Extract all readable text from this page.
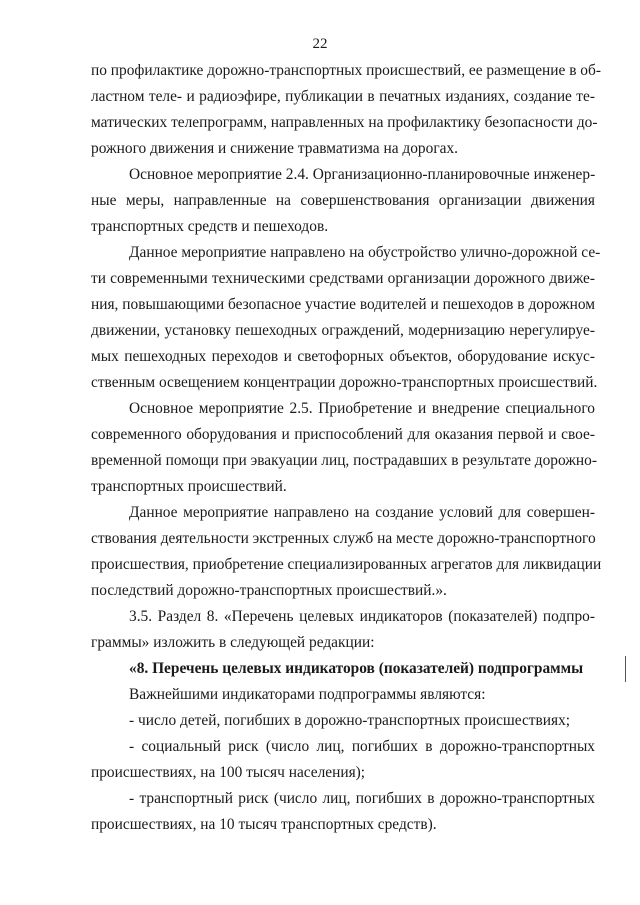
22
по профилактике дорожно-транспортных происшествий, ее размещение в об-
ластном теле- и радиоэфире, публикации в печатных изданиях, создание те-
матических телепрограмм, направленных на профилактику безопасности до-
рожного движения и снижение травматизма на дорогах.
Основное мероприятие 2.4. Организационно-планировочные инженер-
ные меры, направленные на совершенствования организации движения
транспортных средств и пешеходов.
Данное мероприятие направлено на обустройство улично-дорожной се-
ти современными техническими средствами организации дорожного движе-
ния, повышающими безопасное участие водителей и пешеходов в дорожном
движении, установку пешеходных ограждений, модернизацию нерегулируе-
мых пешеходных переходов и светофорных объектов, оборудование искус-
ственным освещением концентрации дорожно-транспортных происшествий.
Основное мероприятие 2.5. Приобретение и внедрение специального
современного оборудования и приспособлений для оказания первой и свое-
временной помощи при эвакуации лиц, пострадавших в результате дорожно-
транспортных происшествий.
Данное мероприятие направлено на создание условий для совершен-
ствования деятельности экстренных служб на месте дорожно-транспортного
происшествия, приобретение специализированных агрегатов для ликвидации
последствий дорожно-транспортных происшествий.».
3.5. Раздел 8. «Перечень целевых индикаторов (показателей) подпро-
граммы» изложить в следующей редакции:
«8. Перечень целевых индикаторов (показателей) подпрограммы
Важнейшими индикаторами подпрограммы являются:
- число детей, погибших в дорожно-транспортных происшествиях;
- социальный риск (число лиц, погибших в дорожно-транспортных
происшествиях, на 100 тысяч населения);
- транспортный риск (число лиц, погибших в дорожно-транспортных
происшествиях, на 10 тысяч транспортных средств).
